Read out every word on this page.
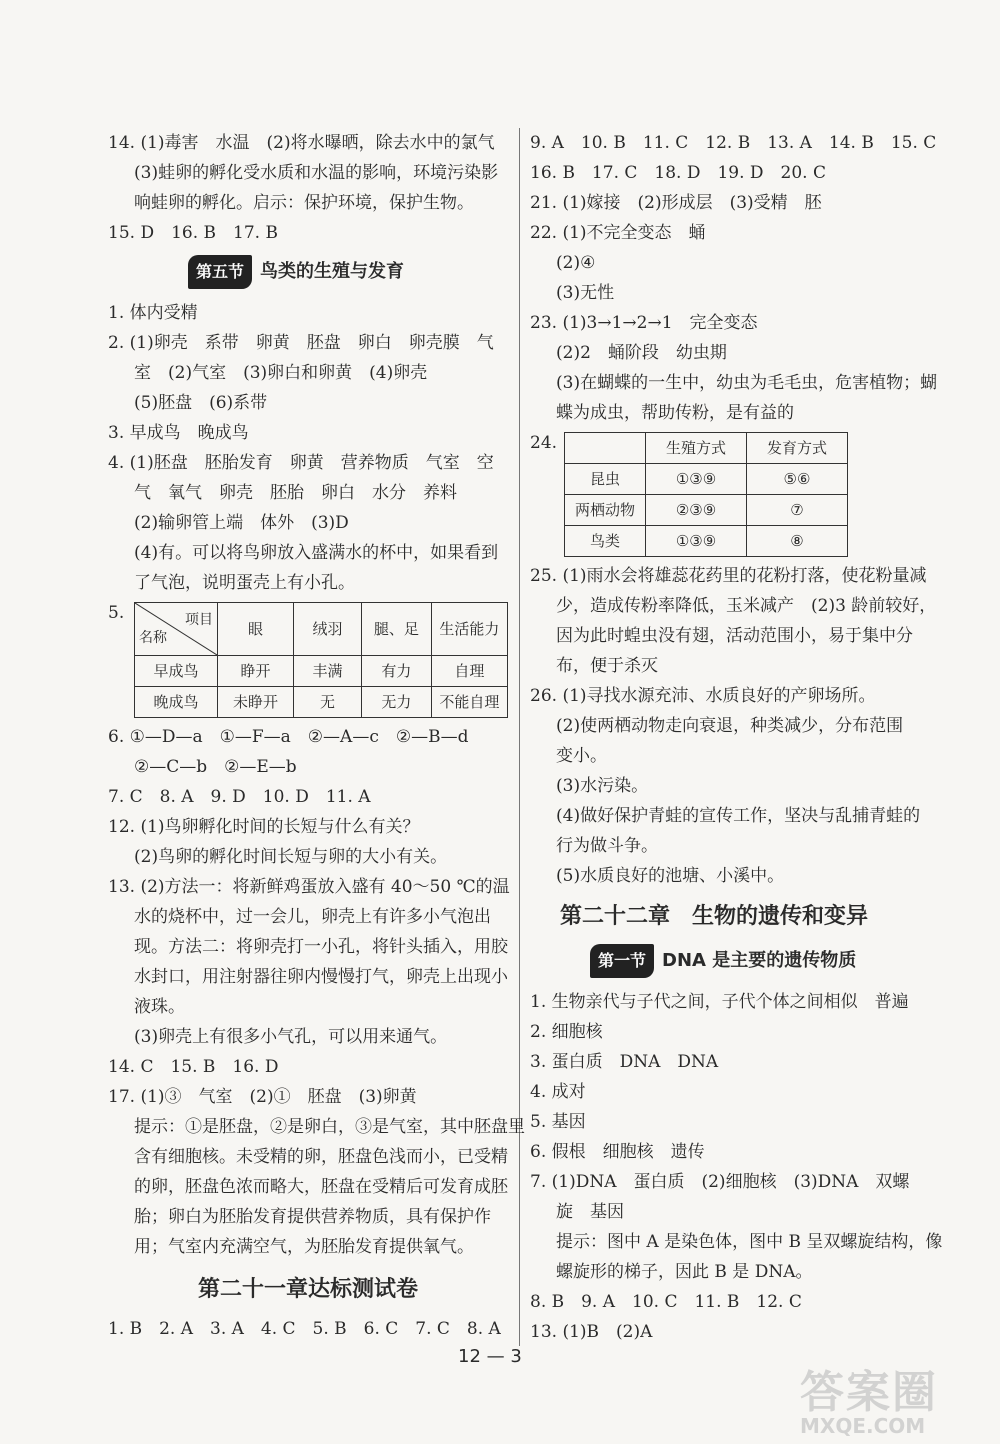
14. (1)毒害　水温　(2)将水曝晒，除去水中的氯气
(3)蛙卵的孵化受水质和水温的影响，环境污染影
响蛙卵的孵化。启示：保护环境，保护生物。
15. D　16. B　17. B
第五节 鸟类的生殖与发育
1. 体内受精
2. (1)卵壳　系带　卵黄　胚盘　卵白　卵壳膜　气
室　(2)气室　(3)卵白和卵黄　(4)卵壳
(5)胚盘　(6)系带
3. 早成鸟　晚成鸟
4. (1)胚盘　胚胎发育　卵黄　营养物质　气室　空
气　氧气　卵壳　胚胎　卵白　水分　养料
(2)输卵管上端　体外　(3)D
(4)有。可以将鸟卵放入盛满水的杯中，如果看到
了气泡，说明蛋壳上有小孔。
5.	项目
名称	眼	绒羽	腿、足	生活能力
早成鸟	睁开	丰满	有力	自理
晚成鸟	未睁开	无	无力	不能自理
6. ①—D—a　①—F—a　②—A—c　②—B—d
②—C—b　②—E—b
7. C　8. A　9. D　10. D　11. A
12. (1)鸟卵孵化时间的长短与什么有关？
(2)鸟卵的孵化时间长短与卵的大小有关。
13. (2)方法一：将新鲜鸡蛋放入盛有 40～50 ℃的温
水的烧杯中，过一会儿，卵壳上有许多小气泡出
现。方法二：将卵壳打一小孔，将针头插入，用胶
水封口，用注射器往卵内慢慢打气，卵壳上出现小
液珠。
(3)卵壳上有很多小气孔，可以用来通气。
14. C　15. B　16. D
17. (1)③　气室　(2)①　胚盘　(3)卵黄
提示：①是胚盘，②是卵白，③是气室，其中胚盘里
含有细胞核。未受精的卵，胚盘色浅而小，已受精
的卵，胚盘色浓而略大，胚盘在受精后可发育成胚
胎；卵白为胚胎发育提供营养物质，具有保护作
用；气室内充满空气，为胚胎发育提供氧气。
第二十一章达标测试卷
1. B　2. A　3. A　4. C　5. B　6. C　7. C　8. A
9. A　10. B　11. C　12. B　13. A　14. B　15. C
16. B　17. C　18. D　19. D　20. C
21. (1)嫁接　(2)形成层　(3)受精　胚
22. (1)不完全变态　蛹
(2)④
(3)无性
23. (1)3→1→2→1　完全变态
(2)2　蛹阶段　幼虫期
(3)在蝴蝶的一生中，幼虫为毛毛虫，危害植物；蝴
蝶为成虫，帮助传粉，是有益的
24.
		生殖方式	发育方式
昆虫	①③⑨	⑤⑥
两栖动物	②③⑨	⑦
鸟类	①③⑨	⑧
25. (1)雨水会将雄蕊花药里的花粉打落，使花粉量减
少，造成传粉率降低，玉米减产　(2)3 龄前较好，
因为此时蝗虫没有翅，活动范围小，易于集中分
布，便于杀灭
26. (1)寻找水源充沛、水质良好的产卵场所。
(2)使两栖动物走向衰退，种类减少，分布范围
变小。
(3)水污染。
(4)做好保护青蛙的宣传工作，坚决与乱捕青蛙的
行为做斗争。
(5)水质良好的池塘、小溪中。
第二十二章　生物的遗传和变异
第一节 DNA 是主要的遗传物质
1. 生物亲代与子代之间，子代个体之间相似　普遍
2. 细胞核
3. 蛋白质　DNA　DNA
4. 成对
5. 基因
6. 假根　细胞核　遗传
7. (1)DNA　蛋白质　(2)细胞核　(3)DNA　双螺
旋　基因
提示：图中 A 是染色体，图中 B 呈双螺旋结构，像
螺旋形的梯子，因此 B 是 DNA。
8. B　9. A　10. C　11. B　12. C
13. (1)B　(2)A
12 — 3
答案圈
MXQE.COM
